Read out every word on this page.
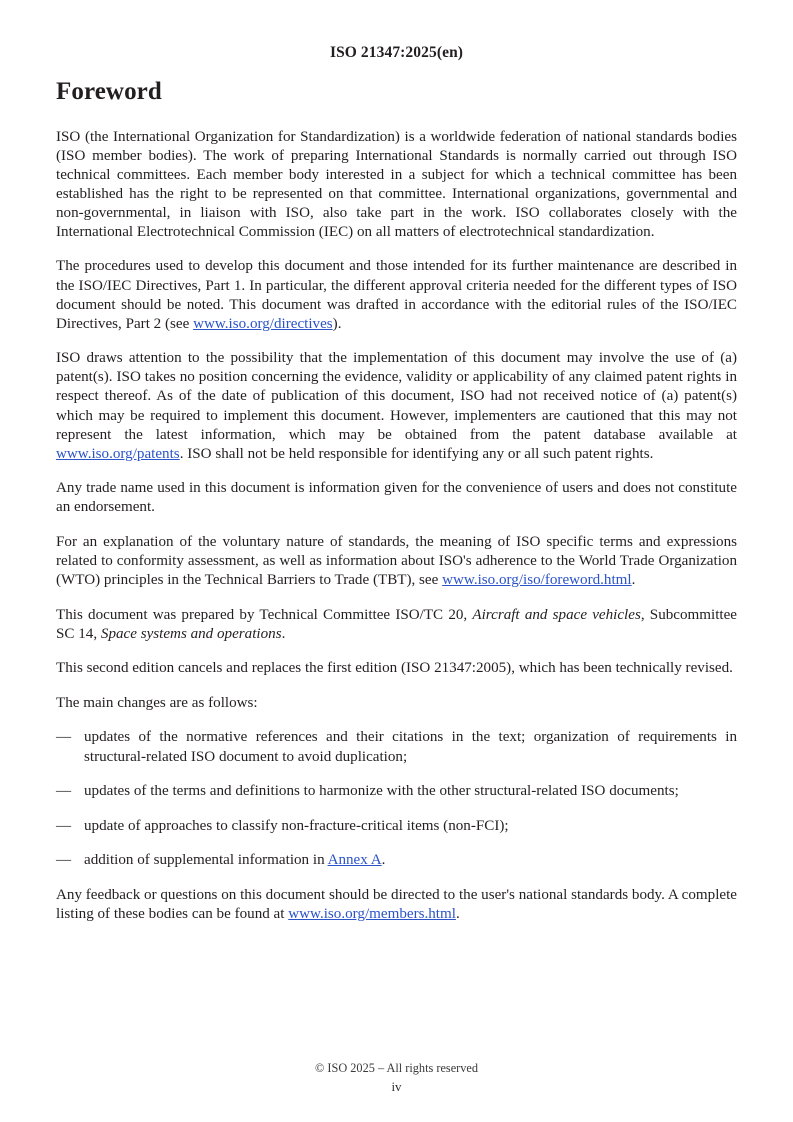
ISO 21347:2025(en)
Foreword

ISO (the International Organization for Standardization) is a worldwide federation of national standards bodies (ISO member bodies). The work of preparing International Standards is normally carried out through ISO technical committees. Each member body interested in a subject for which a technical committee has been established has the right to be represented on that committee. International organizations, governmental and non-governmental, in liaison with ISO, also take part in the work. ISO collaborates closely with the International Electrotechnical Commission (IEC) on all matters of electrotechnical standardization.

The procedures used to develop this document and those intended for its further maintenance are described in the ISO/IEC Directives, Part 1. In particular, the different approval criteria needed for the different types of ISO document should be noted. This document was drafted in accordance with the editorial rules of the ISO/IEC Directives, Part 2 (see www.iso.org/directives).

ISO draws attention to the possibility that the implementation of this document may involve the use of (a) patent(s). ISO takes no position concerning the evidence, validity or applicability of any claimed patent rights in respect thereof. As of the date of publication of this document, ISO had not received notice of (a) patent(s) which may be required to implement this document. However, implementers are cautioned that this may not represent the latest information, which may be obtained from the patent database available at www.iso.org/patents. ISO shall not be held responsible for identifying any or all such patent rights.

Any trade name used in this document is information given for the convenience of users and does not constitute an endorsement.

For an explanation of the voluntary nature of standards, the meaning of ISO specific terms and expressions related to conformity assessment, as well as information about ISO's adherence to the World Trade Organization (WTO) principles in the Technical Barriers to Trade (TBT), see www.iso.org/iso/foreword.html.

This document was prepared by Technical Committee ISO/TC 20, Aircraft and space vehicles, Subcommittee SC 14, Space systems and operations.

This second edition cancels and replaces the first edition (ISO 21347:2005), which has been technically revised.

The main changes are as follows:

— updates of the normative references and their citations in the text; organization of requirements in structural-related ISO document to avoid duplication;
— updates of the terms and definitions to harmonize with the other structural-related ISO documents;
— update of approaches to classify non-fracture-critical items (non-FCI);
— addition of supplemental information in Annex A.

Any feedback or questions on this document should be directed to the user's national standards body. A complete listing of these bodies can be found at www.iso.org/members.html.

© ISO 2025 – All rights reserved

iv
